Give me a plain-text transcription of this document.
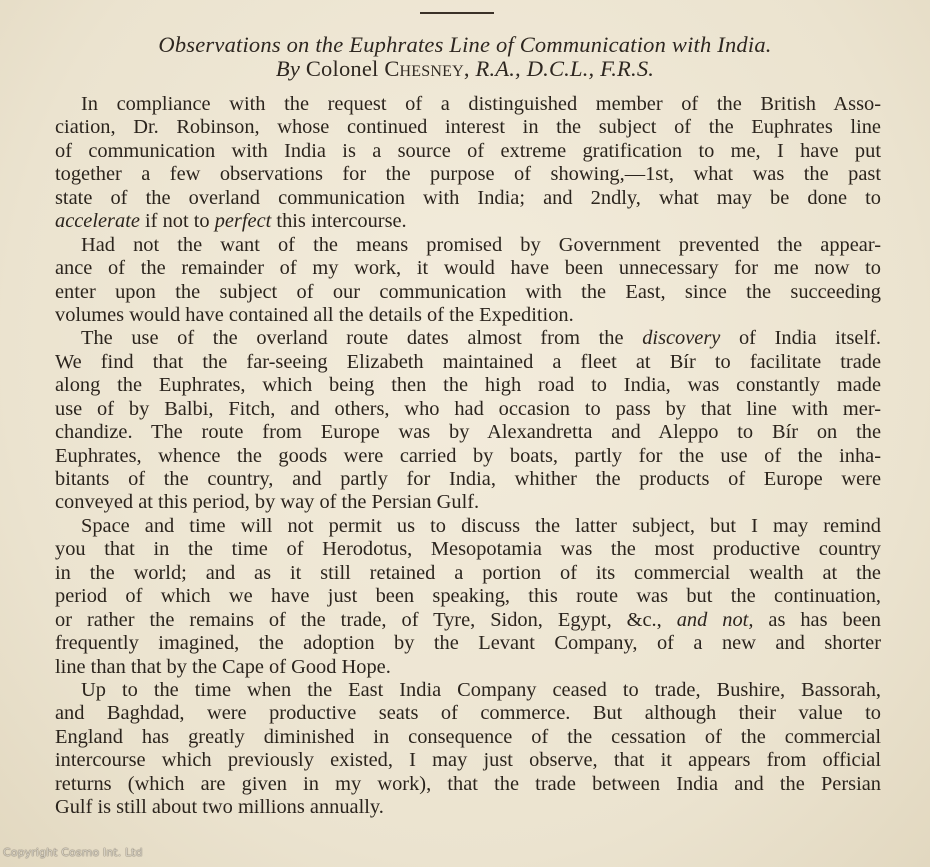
Observations on the Euphrates Line of Communication with India.
By Colonel Chesney, R.A., D.C.L., F.R.S.
In compliance with the request of a distinguished member of the British Asso-
ciation, Dr. Robinson, whose continued interest in the subject of the Euphrates line
of communication with India is a source of extreme gratification to me, I have put
together a few observations for the purpose of showing,—1st, what was the past
state of the overland communication with India; and 2ndly, what may be done to
accelerate if not to perfect this intercourse.
Had not the want of the means promised by Government prevented the appear-
ance of the remainder of my work, it would have been unnecessary for me now to
enter upon the subject of our communication with the East, since the succeeding
volumes would have contained all the details of the Expedition.
The use of the overland route dates almost from the discovery of India itself.
We find that the far-seeing Elizabeth maintained a fleet at Bír to facilitate trade
along the Euphrates, which being then the high road to India, was constantly made
use of by Balbi, Fitch, and others, who had occasion to pass by that line with mer-
chandize. The route from Europe was by Alexandretta and Aleppo to Bír on the
Euphrates, whence the goods were carried by boats, partly for the use of the inha-
bitants of the country, and partly for India, whither the products of Europe were
conveyed at this period, by way of the Persian Gulf.
Space and time will not permit us to discuss the latter subject, but I may remind
you that in the time of Herodotus, Mesopotamia was the most productive country
in the world; and as it still retained a portion of its commercial wealth at the
period of which we have just been speaking, this route was but the continuation,
or rather the remains of the trade, of Tyre, Sidon, Egypt, &c., and not, as has been
frequently imagined, the adoption by the Levant Company, of a new and shorter
line than that by the Cape of Good Hope.
Up to the time when the East India Company ceased to trade, Bushire, Bassorah,
and Baghdad, were productive seats of commerce. But although their value to
England has greatly diminished in consequence of the cessation of the commercial
intercourse which previously existed, I may just observe, that it appears from official
returns (which are given in my work), that the trade between India and the Persian
Gulf is still about two millions annually.
Copyright Cosmo Int. Ltd
